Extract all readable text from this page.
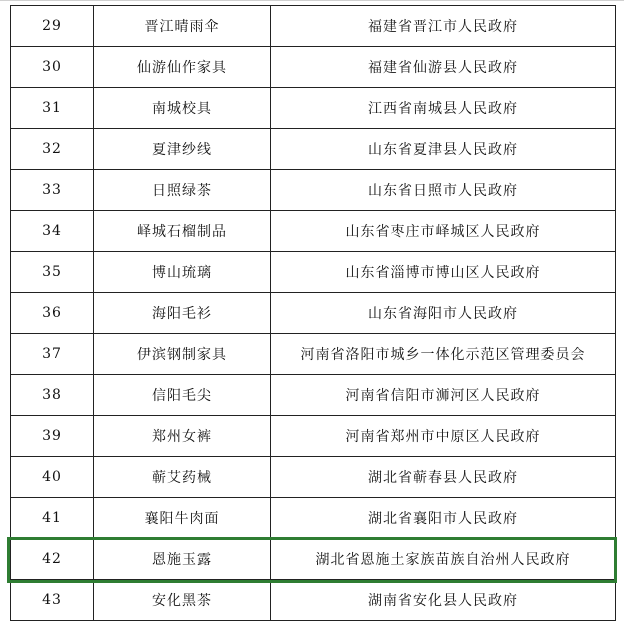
29	晋江晴雨伞	福建省晋江市人民政府
30	仙游仙作家具	福建省仙游县人民政府
31	南城校具	江西省南城县人民政府
32	夏津纱线	山东省夏津县人民政府
33	日照绿茶	山东省日照市人民政府
34	峄城石榴制品	山东省枣庄市峄城区人民政府
35	博山琉璃	山东省淄博市博山区人民政府
36	海阳毛衫	山东省海阳市人民政府
37	伊滨钢制家具	河南省洛阳市城乡一体化示范区管理委员会
38	信阳毛尖	河南省信阳市浉河区人民政府
39	郑州女裤	河南省郑州市中原区人民政府
40	蕲艾药械	湖北省蕲春县人民政府
41	襄阳牛肉面	湖北省襄阳市人民政府
42	恩施玉露	湖北省恩施土家族苗族自治州人民政府
43	安化黑茶	湖南省安化县人民政府
